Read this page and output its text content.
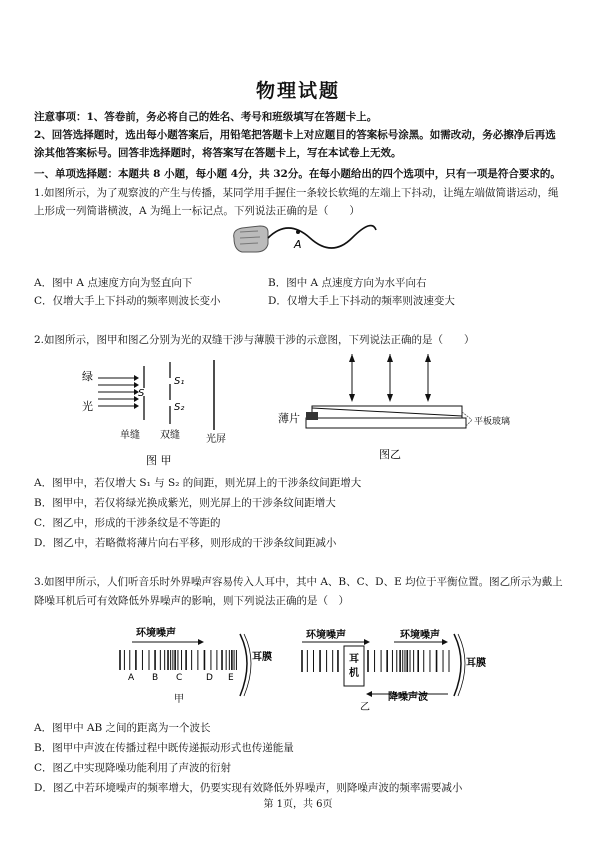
物理试题
注意事项：1、答卷前，务必将自己的姓名、考号和班级填写在答题卡上。
2、回答选择题时，选出每小题答案后，用铅笔把答题卡上对应题目的答案标号涂黑。如需改动，务必擦净后再选
涂其他答案标号。回答非选择题时，将答案写在答题卡上，写在本试卷上无效。
一、单项选择题：本题共 8 小题，每小题 4分，共 32分。在每小题给出的四个选项中，只有一项是符合要求的。
1.如图所示，为了观察波的产生与传播，某同学用手握住一条较长软绳的左端上下抖动，让绳左端做简谐运动，绳
上形成一列简谐横波，A 为绳上一标记点。下列说法正确的是（　　）
A
A．图中 A 点速度方向为竖直向下	B．图中 A 点速度方向为水平向右
C．仅增大手上下抖动的频率则波长变小	D．仅增大手上下抖动的频率则波速变大
2.如图所示，图甲和图乙分别为光的双缝干涉与薄膜干涉的示意图，下列说法正确的是（　　）
绿
光
S
S₁
S₂
单缝 双缝	光屏
图 甲
薄片	平板玻璃
图乙
A．图甲中，若仅增大 S₁ 与 S₂ 的间距，则光屏上的干涉条纹间距增大
B．图甲中，若仅将绿光换成紫光，则光屏上的干涉条纹间距增大
C．图乙中，形成的干涉条纹是不等距的
D．图乙中，若略微将薄片向右平移，则形成的干涉条纹间距减小
3.如图甲所示，人们听音乐时外界噪声容易传入人耳中，其中 A、B、C、D、E 均位于平衡位置。图乙所示为戴上
降噪耳机后可有效降低外界噪声的影响，则下列说法正确的是（　）
环境噪声
耳膜
A B C	D E
甲
环境噪声	环境噪声
耳
机
耳膜
降噪声波
乙
A．图甲中 AB 之间的距离为一个波长
B．图甲中声波在传播过程中既传递振动形式也传递能量
C．图乙中实现降噪功能利用了声波的衍射
D．图乙中若环境噪声的频率增大，仍要实现有效降低外界噪声，则降噪声波的频率需要减小
第 1页，共 6页
